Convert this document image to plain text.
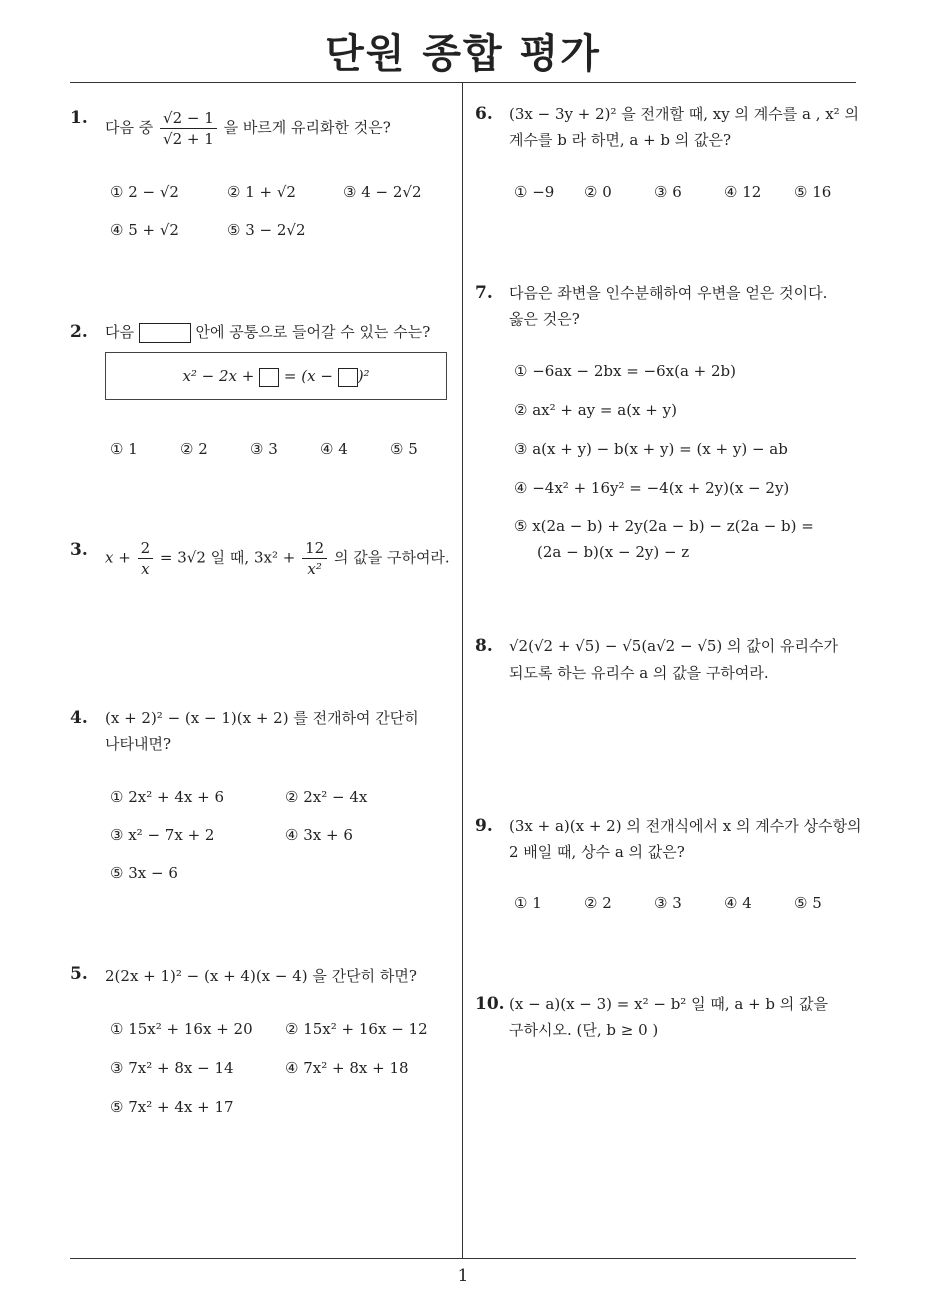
단원 종합 평가
1
1. 다음 중 $\frac{√2 - 1}{√2 + 1}$ 을 바르게 유리화한 것은?
① 2 − √2	② 1 + √2	③ 4 − 2√2
④ 5 + √2	⑤ 3 − 2√2
2. 다음	안에 공통으로 들어갈 수 있는 수는?
x² − 2x + = (x − )²
① 1	② 2	③ 3	④ 4	⑤ 5
3. $x + \frac{2}{x} = 3√2$ 일 때, $3x^2 + \frac{12}{\text{x²}}$ 의 값을 구하여라.
4. (x + 2)² − (x − 1)(x + 2) 를 전개하여 간단히
나타내면?
① 2x² + 4x + 6	② 2x² − 4x
③ x² − 7x + 2	④ 3x + 6
⑤ 3x − 6
5. 2(2x + 1)² − (x + 4)(x − 4) 을 간단히 하면?
① 15x² + 16x + 20 ② 15x² + 16x − 12
③ 7x² + 8x − 14	④ 7x² + 8x + 18
⑤ 7x² + 4x + 17
6. (3x − 3y + 2)² 을 전개할 때, xy 의 계수를 a , x² 의
계수를 b 라 하면, a + b 의 값은?
① −9 ② 0	③ 6	④ 12 ⑤ 16
7. 다음은 좌변을 인수분해하여 우변을 얻은 것이다.
옳은 것은?
① −6ax − 2bx = −6x(a + 2b)
② ax² + ay = a(x + y)
③ a(x + y) − b(x + y) = (x + y) − ab
④ −4x² + 16y² = −4(x + 2y)(x − 2y)
⑤ x(2a − b) + 2y(2a − b) − z(2a − b) =
(2a − b)(x − 2y) − z
8. √2(√2 + √5) − √5(a√2 − √5) 의 값이 유리수가
되도록 하는 유리수 a 의 값을 구하여라.
9. (3x + a)(x + 2) 의 전개식에서 x 의 계수가 상수항의
2 배일 때, 상수 a 의 값은?
① 1	② 2	③ 3	④ 4	⑤ 5
10. (x − a)(x − 3) = x² − b² 일 때, a + b 의 값을
구하시오. (단, b ≥ 0 )
